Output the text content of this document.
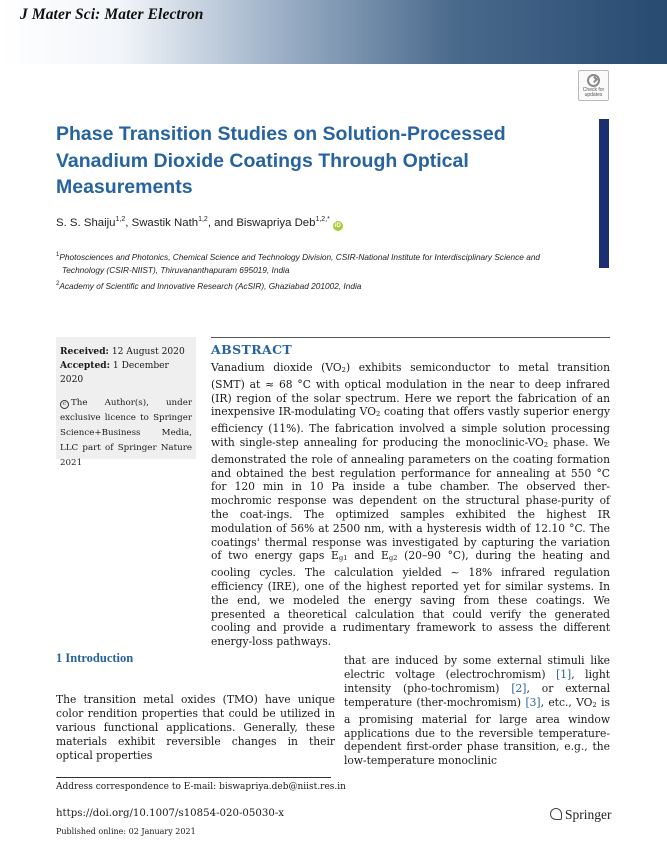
J Mater Sci: Mater Electron
Check for
updates
Phase Transition Studies on Solution-Processed Vanadium Dioxide Coatings Through Optical Measurements
S. S. Shaiju$^{1,2}$, Swastik Nath$^{1,2}$, and Biswapriya Deb$^{1,2,*}$iD
$^1$Photosciences and Photonics, Chemical Science and Technology Division, CSIR-National Institute for Interdisciplinary Science and
Technology (CSIR-NIIST), Thiruvananthapuram 695019, India
$^2$Academy of Scientific and Innovative Research (AcSIR), Ghaziabad 201002, India
Received: 12 August 2020
Accepted: 1 December 2020
c The Author(s), under exclusive licence to Springer Science+Business Media, LLC part of Springer Nature 2021
ABSTRACT

Vanadium dioxide $(VO_2)$ exhibits semiconductor to metal transition (SMT) at ≈ 68 °C with optical modulation in the near to deep infrared (IR) region of the solar spectrum. Here we report the fabrication of an inexpensive IR-modulating $VO_2$ coating that offers vastly superior energy efficiency (11%). The fabrication involved a simple solution processing with single-step annealing for producing the monoclinic-$VO_2$ phase. We demonstrated the role of annealing parameters on the coating formation and obtained the best regulation performance for annealing at 550 °C for 120 min in 10 Pa inside a tube chamber. The observed ther-mochromic response was dependent on the structural phase-purity of the coat-ings. The optimized samples exhibited the highest IR modulation of 56% at 2500 nm, with a hysteresis width of 12.10 °C. The coatings' thermal response was investigated by capturing the variation of two energy gaps $E_{g1}$ and $E_{g2}$ (20–90 °C), during the heating and cooling cycles. The calculation yielded ∼ 18% infrared regulation efficiency (IRE), one of the highest reported yet for similar systems. In the end, we modeled the energy saving from these coatings. We presented a theoretical calculation that could verify the generated cooling and provide a rudimentary framework to assess the different energy-loss pathways.

1 Introduction

The transition metal oxides (TMO) have unique color rendition properties that could be utilized in various functional applications. Generally, these materials exhibit reversible changes in their optical properties

that are induced by some external stimuli like electric voltage (electrochromism) [1], light intensity (pho-tochromism) [2], or external temperature (ther-mochromism) [3], etc., $VO_2$ is a promising material for large area window applications due to the reversible temperature-dependent first-order phase transition, e.g., the low-temperature monoclinic

Address correspondence to E-mail: biswapriya.deb@niist.res.in
https://doi.org/10.1007/s10854-020-05030-x
Published online: 02 January 2021
Springer
